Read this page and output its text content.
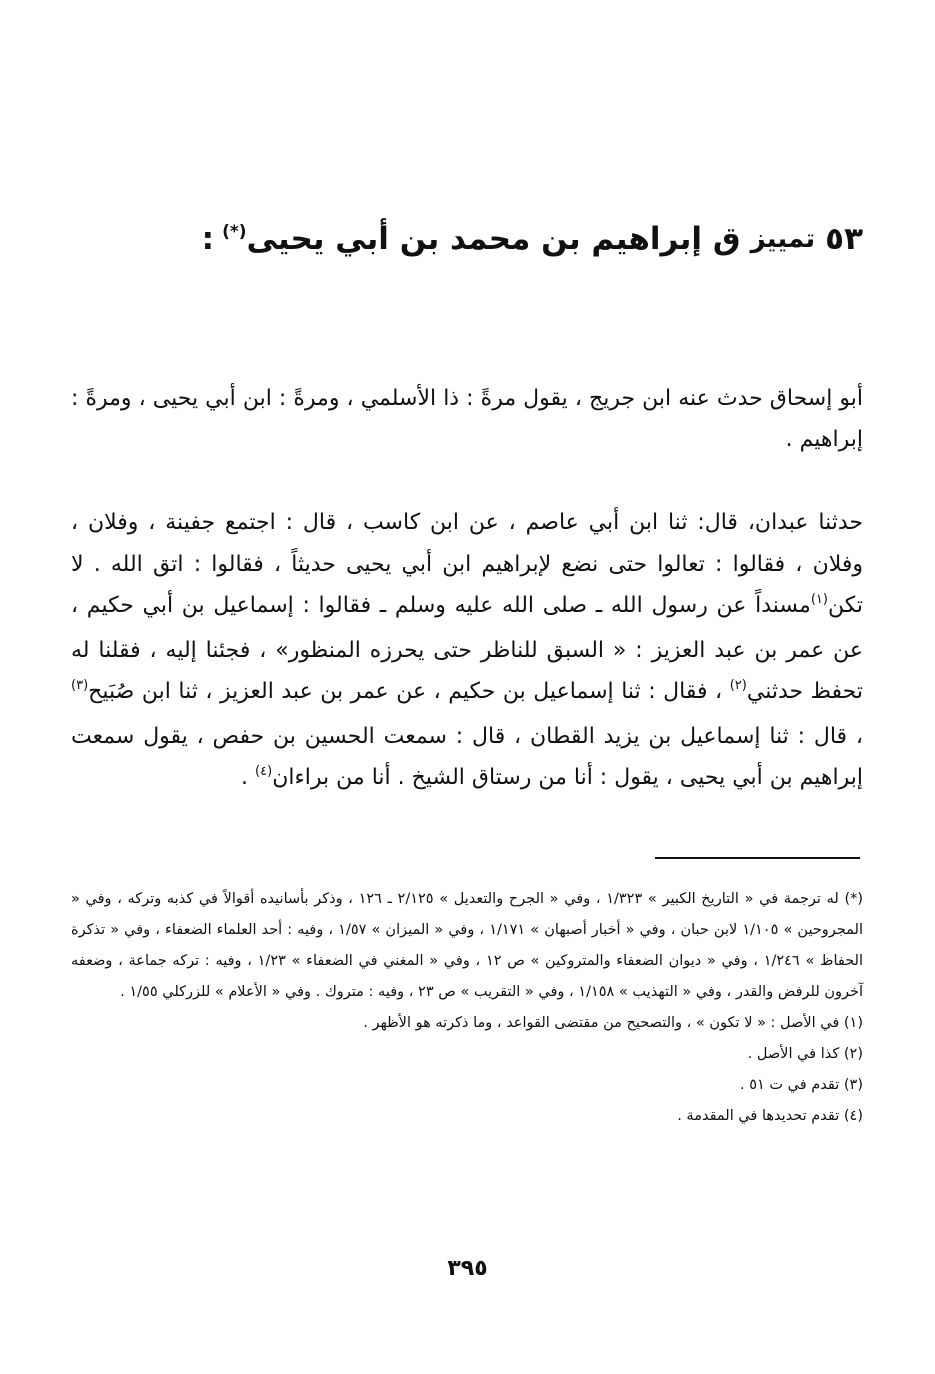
٥٣تمييزق إبراهيم بن محمد بن أبي يحيى(*):

أبو إسحاق حدث عنه ابن جريج ، يقول مرةً : ذا الأسلمي ، ومرةً : ابن أبي يحيى ، ومرةً : إبراهيم .

حدثنا عبدان، قال: ثنا ابن أبي عاصم ، عن ابن كاسب ، قال : اجتمع جفينة ، وفلان ، وفلان ، فقالوا : تعالوا حتى نضع لإبراهيم ابن أبي يحيى حديثاً ، فقالوا : اتق الله . لا تكن$^{(١)}$مسنداً عن رسول الله ـ صلى الله عليه وسلم ـ فقالوا : إسماعيل بن أبي حكيم ، عن عمر بن عبد العزيز : « السبق للناظر حتى يحرزه المنظور» ، فجئنا إليه ، فقلنا له تحفظ حدثني$^{(٢)}$ ، فقال : ثنا إسماعيل بن حكيم ، عن عمر بن عبد العزيز ، ثنا ابن صُبَيح$^{(٣)}$ ، قال : ثنا إسماعيل بن يزيد القطان ، قال : سمعت الحسين بن حفص ، يقول سمعت إبراهيم بن أبي يحيى ، يقول : أنا من رستاق الشيخ . أنا من براءان$^{(٤)}$ .

(*) له ترجمة في « التاريخ الكبير » ١/٣٢٣ ، وفي « الجرح والتعديل » ٢/١٢٥ ـ ١٢٦ ، وذكر بأسانيده أقوالاً في كذبه وتركه ، وفي « المجروحين » ١/١٠٥ لابن حبان ، وفي « أخبار أصبهان » ١/١٧١ ، وفي « الميزان » ١/٥٧ ، وفيه : أحد العلماء الضعفاء ، وفي « تذكرة الحفاظ » ١/٢٤٦ ، وفي « ديوان الضعفاء والمتروكين » ص ١٢ ، وفي « المغني في الضعفاء » ١/٢٣ ، وفيه : تركه جماعة ، وضعفه آخرون للرفض والقدر ، وفي « التهذيب » ١/١٥٨ ، وفي « التقريب » ص ٢٣ ، وفيه : متروك . وفي « الأعلام » للزركلي ١/٥٥ .

(١) في الأصل : « لا تكون » ، والتصحيح من مقتضى القواعد ، وما ذكرته هو الأظهر .

(٢) كذا في الأصل .

(٣) تقدم في ت ٥١ .

(٤) تقدم تحديدها في المقدمة .

٣٩٥
